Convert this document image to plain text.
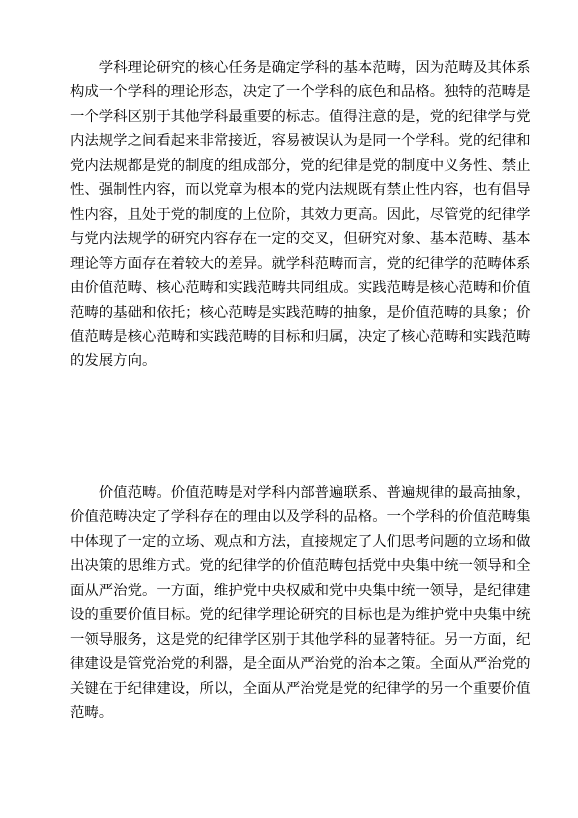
学科理论研究的核心任务是确定学科的基本范畴，因为范畴及其体系
构成一个学科的理论形态，决定了一个学科的底色和品格。独特的范畴是
一个学科区别于其他学科最重要的标志。值得注意的是，党的纪律学与党
内法规学之间看起来非常接近，容易被误认为是同一个学科。党的纪律和
党内法规都是党的制度的组成部分，党的纪律是党的制度中义务性、禁止
性、强制性内容，而以党章为根本的党内法规既有禁止性内容，也有倡导
性内容，且处于党的制度的上位阶，其效力更高。因此，尽管党的纪律学
与党内法规学的研究内容存在一定的交叉，但研究对象、基本范畴、基本
理论等方面存在着较大的差异。就学科范畴而言，党的纪律学的范畴体系
由价值范畴、核心范畴和实践范畴共同组成。实践范畴是核心范畴和价值
范畴的基础和依托；核心范畴是实践范畴的抽象，是价值范畴的具象；价
值范畴是核心范畴和实践范畴的目标和归属，决定了核心范畴和实践范畴
的发展方向。
价值范畴。价值范畴是对学科内部普遍联系、普遍规律的最高抽象，
价值范畴决定了学科存在的理由以及学科的品格。一个学科的价值范畴集
中体现了一定的立场、观点和方法，直接规定了人们思考问题的立场和做
出决策的思维方式。党的纪律学的价值范畴包括党中央集中统一领导和全
面从严治党。一方面，维护党中央权威和党中央集中统一领导，是纪律建
设的重要价值目标。党的纪律学理论研究的目标也是为维护党中央集中统
一领导服务，这是党的纪律学区别于其他学科的显著特征。另一方面，纪
律建设是管党治党的利器，是全面从严治党的治本之策。全面从严治党的
关键在于纪律建设，所以，全面从严治党是党的纪律学的另一个重要价值
范畴。
